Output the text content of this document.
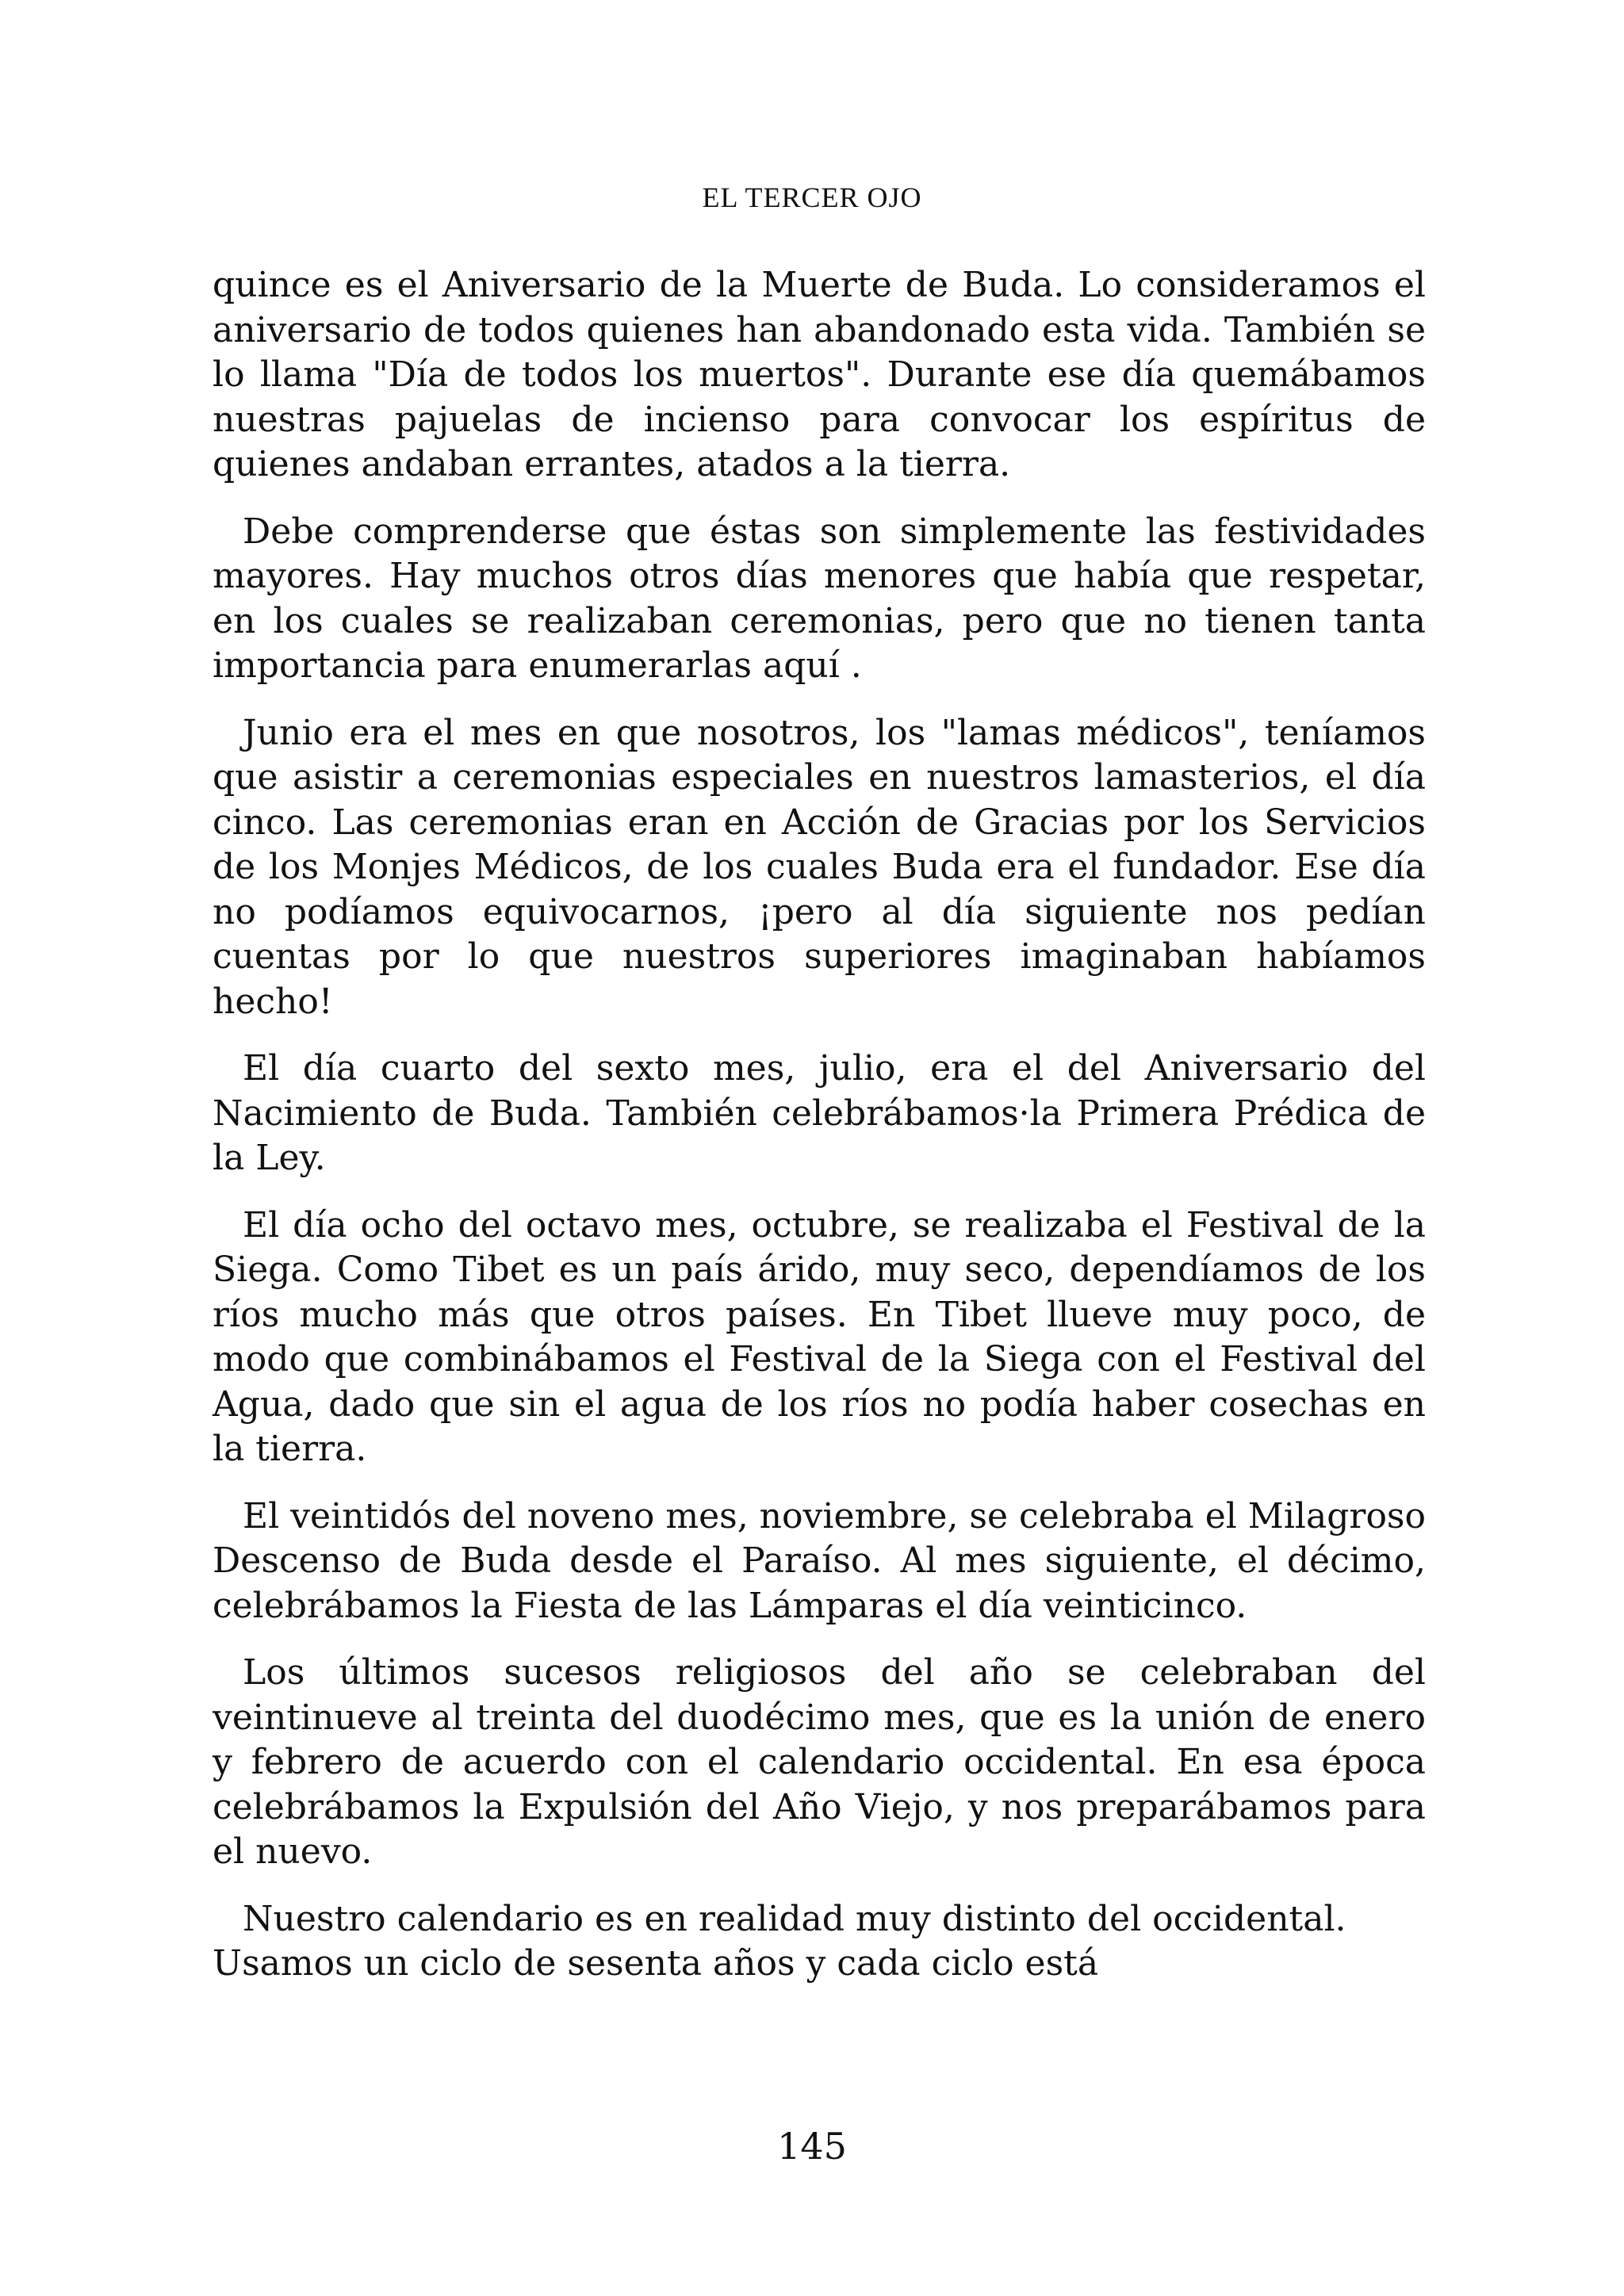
EL TERCER OJO

quince es el Aniversario de la Muerte de Buda. Lo consideramos el aniversario de todos quienes han abandonado esta vida. También se lo llama "Día de todos los muertos". Durante ese día quemábamos nuestras pajuelas de incienso para convocar los espíritus de quienes andaban errantes, atados a la tierra.

Debe comprenderse que éstas son simplemente las festividades mayores. Hay muchos otros días menores que había que respetar, en los cuales se realizaban ceremonias, pero que no tienen tanta importancia para enumerarlas aquí .

Junio era el mes en que nosotros, los "lamas médicos", teníamos que asistir a ceremonias especiales en nuestros lamasterios, el día cinco. Las ceremonias eran en Acción de Gracias por los Servicios de los Monjes Médicos, de los cuales Buda era el fundador. Ese día no podíamos equivocarnos, ¡pero al día siguiente nos pedían cuentas por lo que nuestros superiores imaginaban habíamos hecho!

El día cuarto del sexto mes, julio, era el del Aniversario del Nacimiento de Buda. También celebrábamos·la Primera Prédica de la Ley.

El día ocho del octavo mes, octubre, se realizaba el Festival de la Siega. Como Tibet es un país árido, muy seco, dependíamos de los ríos mucho más que otros países. En Tibet llueve muy poco, de modo que combinábamos el Festival de la Siega con el Festival del Agua, dado que sin el agua de los ríos no podía haber cosechas en la tierra.

El veintidós del noveno mes, noviembre, se celebraba el Milagroso Descenso de Buda desde el Paraíso. Al mes siguiente, el décimo, celebrábamos la Fiesta de las Lámparas el día veinticinco.

Los últimos sucesos religiosos del año se celebraban del veintinueve al treinta del duodécimo mes, que es la unión de enero y febrero de acuerdo con el calendario occidental. En esa época celebrábamos la Expulsión del Año Viejo, y nos preparábamos para el nuevo.

Nuestro calendario es en realidad muy distinto del occidental. Usamos un ciclo de sesenta años y cada ciclo está

145
